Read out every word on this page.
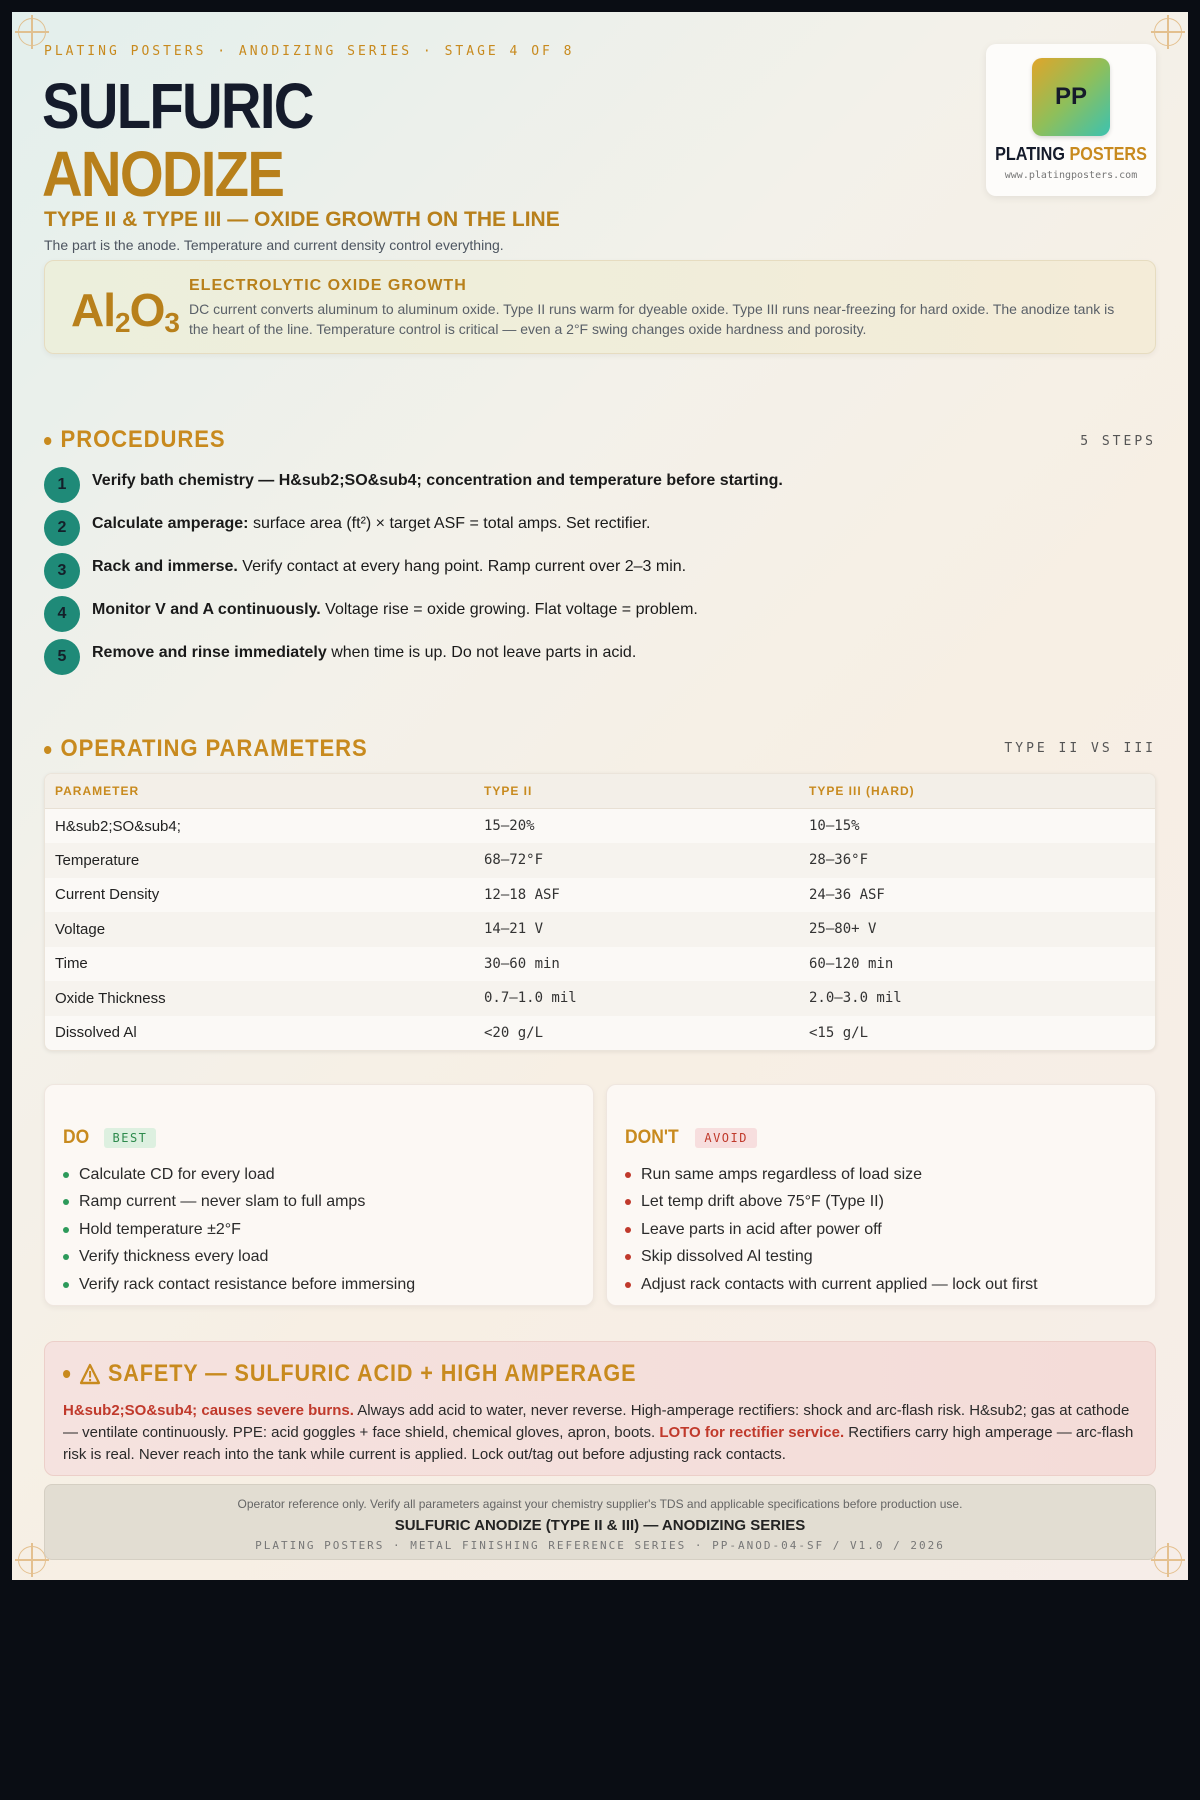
PLATING POSTERS · ANODIZING SERIES · STAGE 4 OF 8
SULFURIC
ANODIZE
TYPE II & TYPE III — OXIDE GROWTH ON THE LINE
The part is the anode. Temperature and current density control everything.
PP
PLATING POSTERS
www.platingposters.com
$Al_2O_3$
ELECTROLYTIC OXIDE GROWTH
DC current converts aluminum to aluminum oxide. Type II runs warm for dyeable oxide. Type III runs near-freezing for hard oxide. The anodize tank is the heart of the line. Temperature control is critical — even a 2°F swing changes oxide hardness and porosity.
PROCEDURES	5 STEPS
1	Verify bath chemistry — H&sub2;SO&sub4; concentration and temperature before starting.
2	Calculate amperage: surface area (ft²) × target ASF = total amps. Set rectifier.
3	Rack and immerse. Verify contact at every hang point. Ramp current over 2–3 min.
4	Monitor V and A continuously. Voltage rise = oxide growing. Flat voltage = problem.
5	Remove and rinse immediately when time is up. Do not leave parts in acid.
OPERATING PARAMETERS	TYPE II VS III
PARAMETER	TYPE II	TYPE III (HARD)
H&sub2;SO&sub4;	15–20%	10–15%
Temperature	68–72°F	28–36°F
Current Density	12–18 ASF	24–36 ASF
Voltage	14–21 V	25–80+ V
Time	30–60 min	60–120 min
Oxide Thickness	0.7–1.0 mil	2.0–3.0 mil
Dissolved Al	<20 g/L	<15 g/L
DO	BEST
Calculate CD for every load
Ramp current — never slam to full amps
Hold temperature ±2°F
Verify thickness every load
Verify rack contact resistance before immersing
DON'T	AVOID
Run same amps regardless of load size
Let temp drift above 75°F (Type II)
Leave parts in acid after power off
Skip dissolved Al testing
Adjust rack contacts with current applied — lock out first
SAFETY — SULFURIC ACID + HIGH AMPERAGE
H&sub2;SO&sub4; causes severe burns. Always add acid to water, never reverse. High-amperage rectifiers: shock and arc-flash risk. H&sub2; gas at cathode — ventilate continuously. PPE: acid goggles + face shield, chemical gloves, apron, boots. LOTO for rectifier service. Rectifiers carry high amperage — arc-flash risk is real. Never reach into the tank while current is applied. Lock out/tag out before adjusting rack contacts.
Operator reference only. Verify all parameters against your chemistry supplier's TDS and applicable specifications before production use.
SULFURIC ANODIZE (TYPE II & III) — ANODIZING SERIES
PLATING POSTERS · METAL FINISHING REFERENCE SERIES · PP-ANOD-04-SF / V1.0 / 2026
